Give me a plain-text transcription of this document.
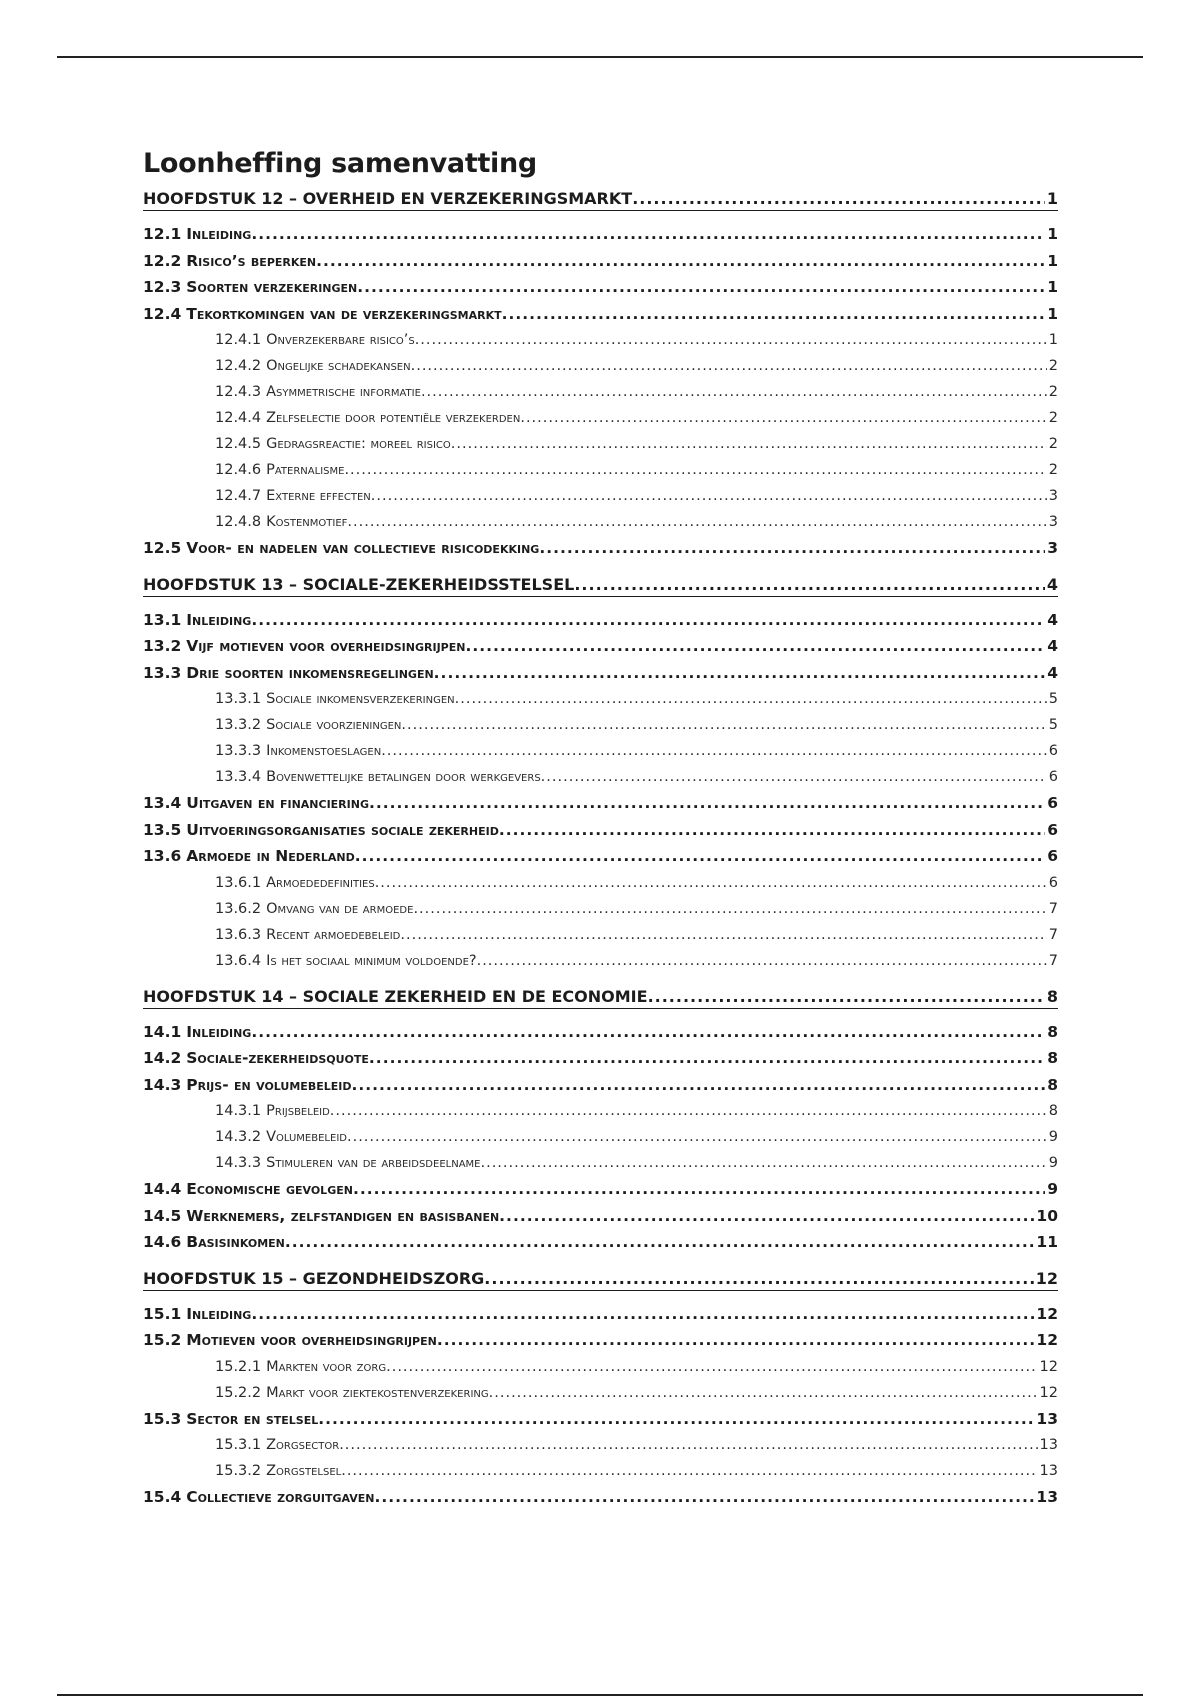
Loonheffing samenvatting
HOOFDSTUK 12 – OVERHEID EN VERZEKERINGSMARKT .....	1
12.1 Inleiding .....	1
12.2 Risico’s beperken .....	1
12.3 Soorten verzekeringen .....	1
12.4 Tekortkomingen van de verzekeringsmarkt .....	1
12.4.1 Onverzekerbare risico’s .....	1
12.4.2 Ongelijke schadekansen .....	2
12.4.3 Asymmetrische informatie .....	2
12.4.4 Zelfselectie door potentiële verzekerden .....	2
12.4.5 Gedragsreactie: moreel risico .....	2
12.4.6 Paternalisme .....	2
12.4.7 Externe effecten .....	3
12.4.8 Kostenmotief .....	3
12.5 Voor- en nadelen van collectieve risicodekking .....	3
HOOFDSTUK 13 – SOCIALE-ZEKERHEIDSSTELSEL .....	4
13.1 Inleiding .....	4
13.2 Vijf motieven voor overheidsingrijpen .....	4
13.3 Drie soorten inkomensregelingen .....	4
13.3.1 Sociale inkomensverzekeringen .....	5
13.3.2 Sociale voorzieningen .....	5
13.3.3 Inkomenstoeslagen .....	6
13.3.4 Bovenwettelijke betalingen door werkgevers .....	6
13.4 Uitgaven en financiering .....	6
13.5 Uitvoeringsorganisaties sociale zekerheid .....	6
13.6 Armoede in Nederland .....	6
13.6.1 Armoededefinities .....	6
13.6.2 Omvang van de armoede .....	7
13.6.3 Recent armoedebeleid .....	7
13.6.4 Is het sociaal minimum voldoende? .....	7
HOOFDSTUK 14 – SOCIALE ZEKERHEID EN DE ECONOMIE .....	8
14.1 Inleiding .....	8
14.2 Sociale-zekerheidsquote .....	8
14.3 Prijs- en volumebeleid .....	8
14.3.1 Prijsbeleid .....	8
14.3.2 Volumebeleid .....	9
14.3.3 Stimuleren van de arbeidsdeelname .....	9
14.4 Economische gevolgen .....	9
14.5 Werknemers, zelfstandigen en basisbanen .....	10
14.6 Basisinkomen .....	11
HOOFDSTUK 15 – GEZONDHEIDSZORG .....	12
15.1 Inleiding .....	12
15.2 Motieven voor overheidsingrijpen .....	12
15.2.1 Markten voor zorg .....	12
15.2.2 Markt voor ziektekostenverzekering .....	12
15.3 Sector en stelsel .....	13
15.3.1 Zorgsector .....	13
15.3.2 Zorgstelsel .....	13
15.4 Collectieve zorguitgaven .....	13
